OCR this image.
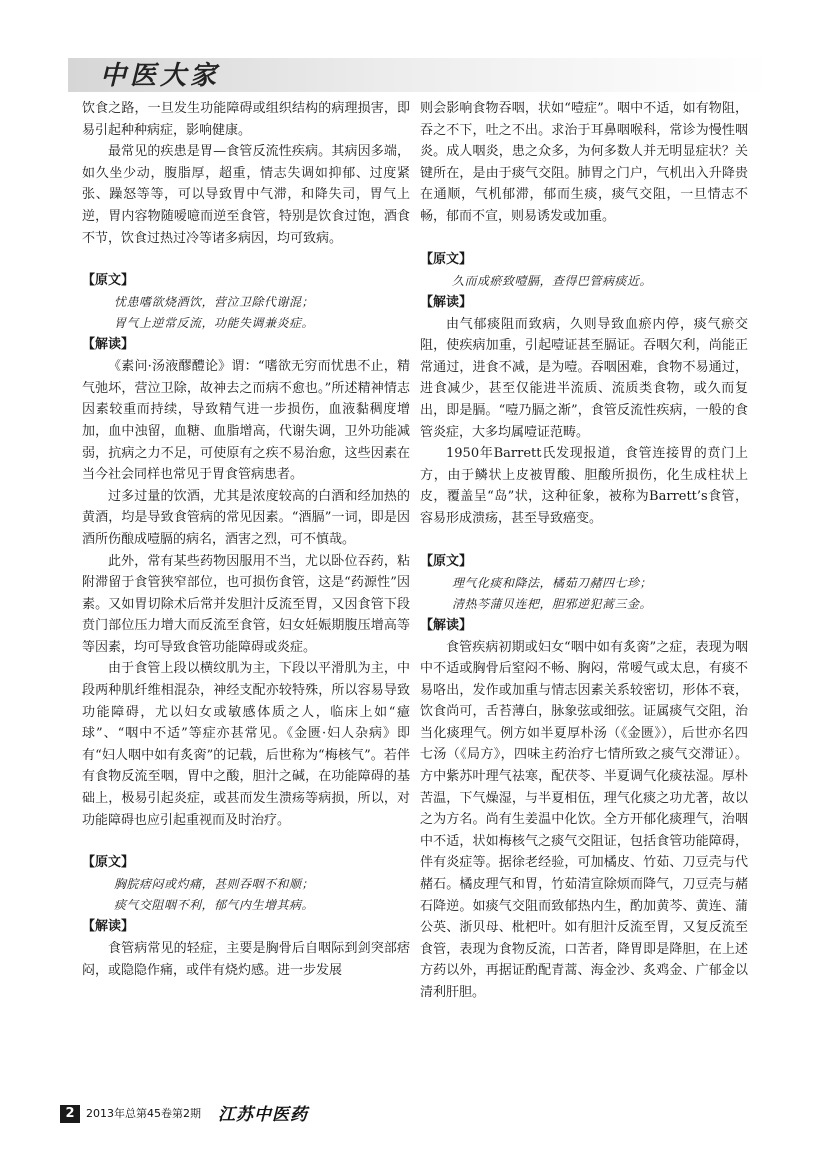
中医大家

饮食之路，一旦发生功能障碍或组织结构的病理损害，即易引起种种病症，影响健康。

最常见的疾患是胃—食管反流性疾病。其病因多端，如久坐少动，腹脂厚，超重，情志失调如抑郁、过度紧张、躁怒等等，可以导致胃中气滞，和降失司，胃气上逆，胃内容物随嗳噫而逆至食管，特别是饮食过饱，酒食不节，饮食过热过冷等诸多病因，均可致病。

【原文】
忧患嗜欲烧酒饮，营泣卫除代谢混；
胃气上逆常反流，功能失调兼炎症。
【解读】

《素问·汤液醪醴论》谓：“嗜欲无穷而忧患不止，精气弛坏，营泣卫除，故神去之而病不愈也。”所述精神情志因素较重而持续，导致精气进一步损伤，血液黏稠度增加，血中浊留，血糖、血脂增高，代谢失调，卫外功能减弱，抗病之力不足，可使原有之疾不易治愈，这些因素在当今社会同样也常见于胃食管病患者。

过多过量的饮酒，尤其是浓度较高的白酒和经加热的黄酒，均是导致食管病的常见因素。“酒膈”一词，即是因酒所伤酿成噎膈的病名，酒害之烈，可不慎哉。

此外，常有某些药物因服用不当，尤以卧位吞药，粘附滞留于食管狭窄部位，也可损伤食管，这是“药源性”因素。又如胃切除术后常并发胆汁反流至胃，又因食管下段贲门部位压力增大而反流至食管，妇女妊娠期腹压增高等等因素，均可导致食管功能障碍或炎症。

由于食管上段以横纹肌为主，下段以平滑肌为主，中段两种肌纤维相混杂，神经支配亦较特殊，所以容易导致功能障碍，尤以妇女或敏感体质之人，临床上如“癔球”、“咽中不适”等症亦甚常见。《金匮·妇人杂病》即有“妇人咽中如有炙脔”的记载，后世称为“梅核气”。若伴有食物反流至咽，胃中之酸，胆汁之碱，在功能障碍的基础上，极易引起炎症，或甚而发生溃疡等病损，所以，对功能障碍也应引起重视而及时治疗。

【原文】
胸脘痞闷或灼痛，甚则吞咽不和顺；
痰气交阻咽不利，郁气内生增其病。
【解读】

食管病常见的轻症，主要是胸骨后自咽际到剑突部痞闷，或隐隐作痛，或伴有烧灼感。进一步发展

则会影响食物吞咽，状如“噎症”。咽中不适，如有物阻，吞之不下，吐之不出。求治于耳鼻咽喉科，常诊为慢性咽炎。成人咽炎，患之众多，为何多数人并无明显症状？关键所在，是由于痰气交阻。肺胃之门户，气机出入升降贵在通顺，气机郁滞，郁而生痰，痰气交阻，一旦情志不畅，郁而不宣，则易诱发或加重。

【原文】
久而成瘀致噎膈，查得巴管病痰近。
【解读】

由气郁痰阻而致病，久则导致血瘀内停，痰气瘀交阻，使疾病加重，引起噎证甚至膈证。吞咽欠利，尚能正常通过，进食不减，是为噎。吞咽困难，食物不易通过，进食减少，甚至仅能进半流质、流质类食物，或久而复出，即是膈。“噎乃膈之渐”，食管反流性疾病，一般的食管炎症，大多均属噎证范畴。

1950年Barrett氏发现报道，食管连接胃的贲门上方，由于鳞状上皮被胃酸、胆酸所损伤，化生成柱状上皮，覆盖呈“岛”状，这种征象，被称为Barrett’s食管，容易形成溃疡，甚至导致癌变。

【原文】
理气化痰和降法，橘茹刀赭四七珍；
清热芩蒲贝连杷，胆邪逆犯蒿三金。
【解读】

食管疾病初期或妇女“咽中如有炙脔”之症，表现为咽中不适或胸骨后窒闷不畅、胸闷，常嗳气或太息，有痰不易咯出，发作或加重与情志因素关系较密切，形体不衰，饮食尚可，舌苔薄白，脉象弦或细弦。证属痰气交阻，治当化痰理气。例方如半夏厚朴汤（《金匮》），后世亦名四七汤（《局方》，四味主药治疗七情所致之痰气交滞证）。方中紫苏叶理气祛寒，配茯苓、半夏调气化痰祛湿。厚朴苦温，下气燥湿，与半夏相伍，理气化痰之功尤著，故以之为方名。尚有生姜温中化饮。全方开郁化痰理气，治咽中不适，状如梅核气之痰气交阻证，包括食管功能障碍，伴有炎症等。据徐老经验，可加橘皮、竹茹、刀豆壳与代赭石。橘皮理气和胃，竹茹清宣除烦而降气，刀豆壳与赭石降逆。如痰气交阻而致郁热内生，酌加黄芩、黄连、蒲公英、浙贝母、枇杷叶。如有胆汁反流至胃，又复反流至食管，表现为食物反流，口苦者，降胃即是降胆，在上述方药以外，再据证酌配青蒿、海金沙、炙鸡金、广郁金以清利肝胆。

2	2013年总第45卷第2期 江苏中医药
